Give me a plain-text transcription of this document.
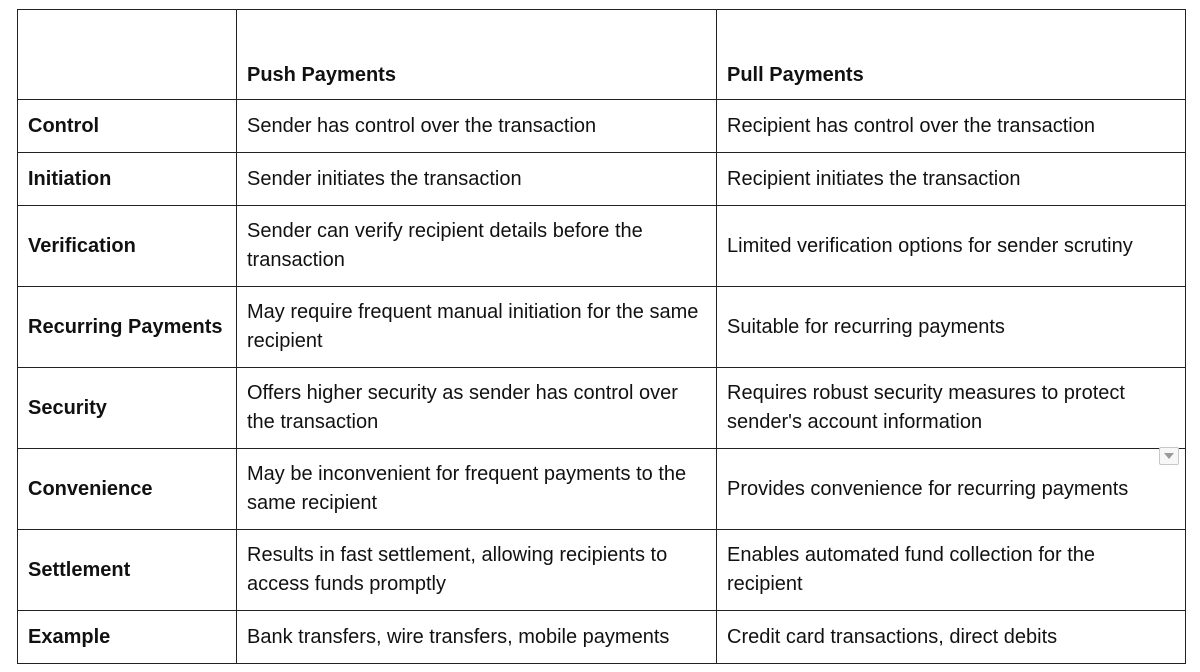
	Push Payments	Pull Payments
Control	Sender has control over the transaction	Recipient has control over the transaction
Initiation	Sender initiates the transaction	Recipient initiates the transaction
Verification	Sender can verify recipient details before the transaction	Limited verification options for sender scrutiny
Recurring Payments	May require frequent manual initiation for the same recipient	Suitable for recurring payments
Security	Offers higher security as sender has control over the transaction	Requires robust security measures to protect sender's account information
Convenience	May be inconvenient for frequent payments to the same recipient	Provides convenience for recurring payments
Settlement	Results in fast settlement, allowing recipients to access funds promptly	Enables automated fund collection for the recipient
Example	Bank transfers, wire transfers, mobile payments	Credit card transactions, direct debits
